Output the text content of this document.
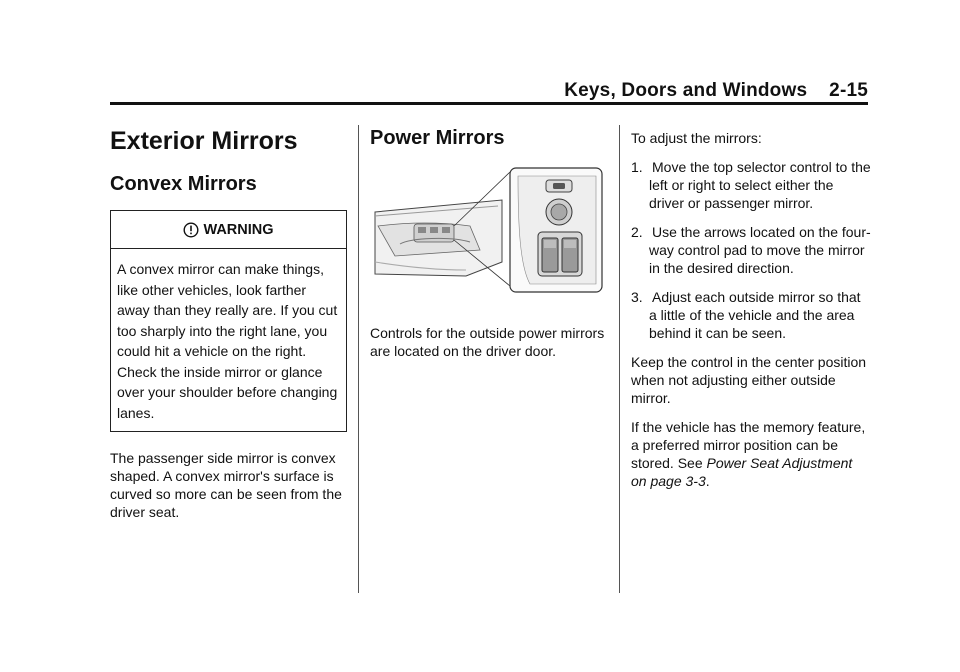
Keys, Doors and Windows 2-15
Exterior Mirrors
Convex Mirrors
WARNING
A convex mirror can make things, like other vehicles, look farther away than they really are. If you cut too sharply into the right lane, you could hit a vehicle on the right. Check the inside mirror or glance over your shoulder before changing lanes.

The passenger side mirror is convex shaped. A convex mirror's surface is curved so more can be seen from the driver seat.

Power Mirrors

Controls for the outside power mirrors are located on the driver door.

To adjust the mirrors:

1. Move the top selector control to the left or right to select either the driver or passenger mirror.
2. Use the arrows located on the four-way control pad to move the mirror in the desired direction.
3. Adjust each outside mirror so that a little of the vehicle and the area behind it can be seen.

Keep the control in the center position when not adjusting either outside mirror.

If the vehicle has the memory feature, a preferred mirror position can be stored. See Power Seat Adjustment on page 3-3.
